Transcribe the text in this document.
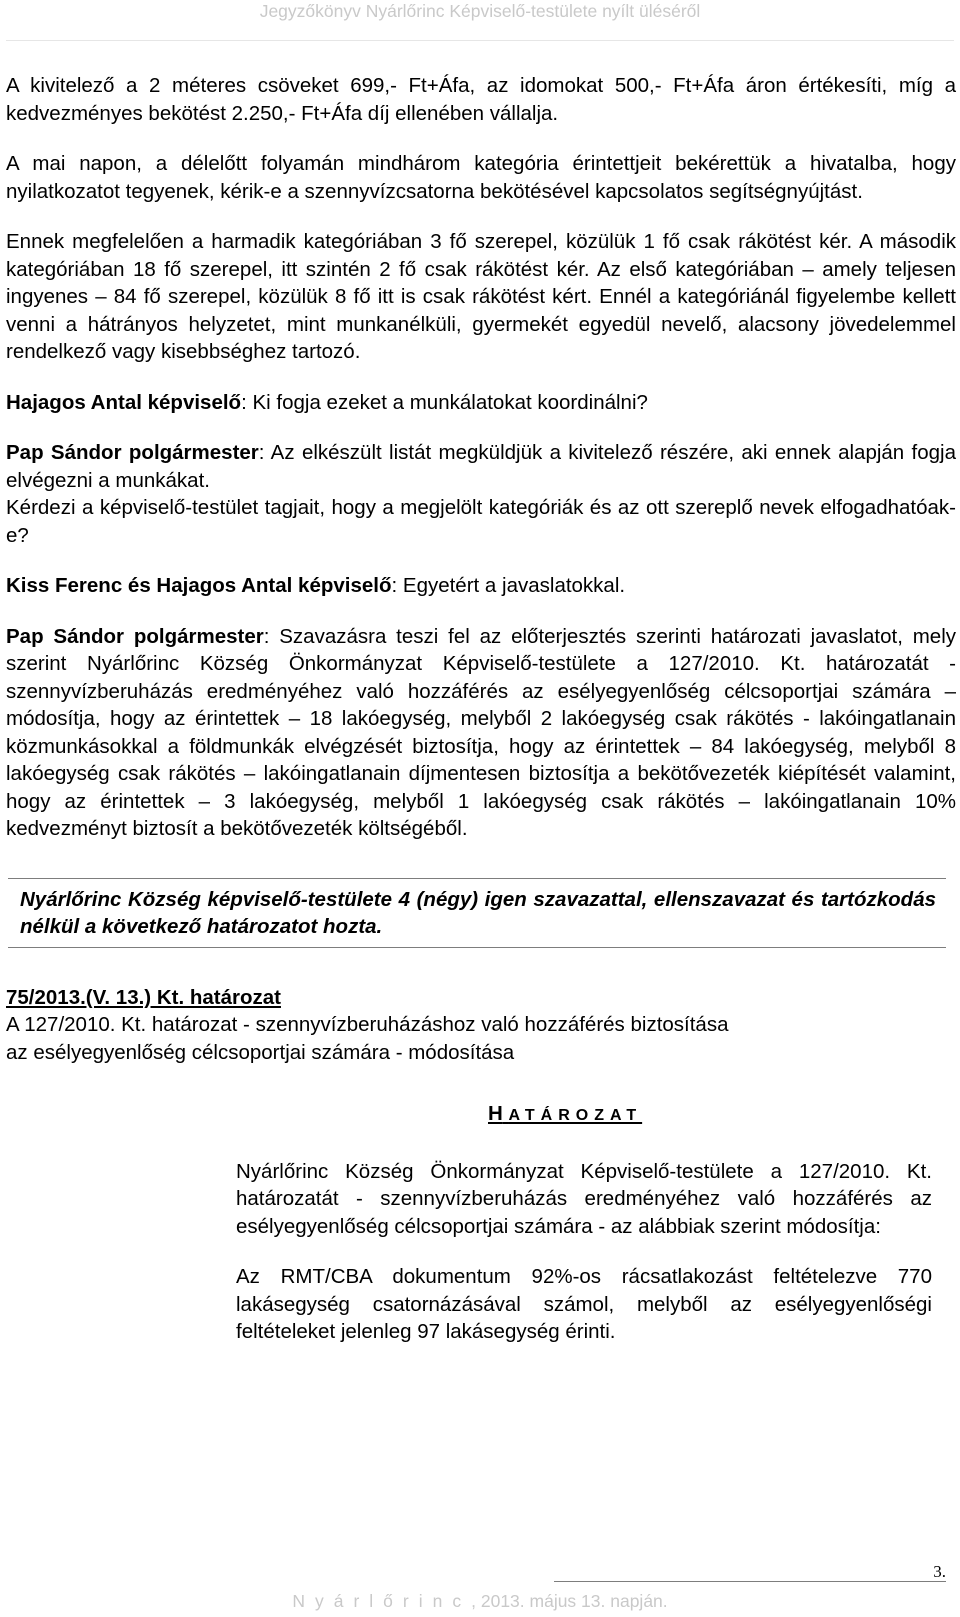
Jegyzőkönyv Nyárlőrinc Képviselő-testülete nyílt üléséről

A kivitelező a 2 méteres csöveket 699,- Ft+Áfa, az idomokat 500,- Ft+Áfa áron értékesíti, míg a kedvezményes bekötést 2.250,- Ft+Áfa díj ellenében vállalja.

A mai napon, a délelőtt folyamán mindhárom kategória érintettjeit bekérettük a hivatalba, hogy nyilatkozatot tegyenek, kérik-e a szennyvízcsatorna bekötésével kapcsolatos segítségnyújtást.

Ennek megfelelően a harmadik kategóriában 3 fő szerepel, közülük 1 fő csak rákötést kér. A második kategóriában 18 fő szerepel, itt szintén 2 fő csak rákötést kér. Az első kategóriában – amely teljesen ingyenes – 84 fő szerepel, közülük 8 fő itt is csak rákötést kért. Ennél a kategóriánál figyelembe kellett venni a hátrányos helyzetet, mint munkanélküli, gyermekét egyedül nevelő, alacsony jövedelemmel rendelkező vagy kisebbséghez tartozó.

Hajagos Antal képviselő: Ki fogja ezeket a munkálatokat koordinálni?

Pap Sándor polgármester: Az elkészült listát megküldjük a kivitelező részére, aki ennek alapján fogja elvégezni a munkákat.

Kérdezi a képviselő-testület tagjait, hogy a megjelölt kategóriák és az ott szereplő nevek elfogadhatóak-e?

Kiss Ferenc és Hajagos Antal képviselő: Egyetért a javaslatokkal.

Pap Sándor polgármester: Szavazásra teszi fel az előterjesztés szerinti határozati javaslatot, mely szerint Nyárlőrinc Község Önkormányzat Képviselő-testülete a 127/2010. Kt. határozatát - szennyvízberuházás eredményéhez való hozzáférés az esélyegyenlőség célcsoportjai számára – módosítja, hogy az érintettek – 18 lakóegység, melyből 2 lakóegység csak rákötés - lakóingatlanain közmunkásokkal a földmunkák elvégzését biztosítja, hogy az érintettek – 84 lakóegység, melyből 8 lakóegység csak rákötés – lakóingatlanain díjmentesen biztosítja a bekötővezeték kiépítését valamint, hogy az érintettek – 3 lakóegység, melyből 1 lakóegység csak rákötés – lakóingatlanain 10% kedvezményt biztosít a bekötővezeték költségéből.

Nyárlőrinc Község képviselő-testülete 4 (négy) igen szavazattal, ellenszavazat és tartózkodás nélkül a következő határozatot hozta.
75/2013.(V. 13.) Kt. határozat
A 127/2010. Kt. határozat - szennyvízberuházáshoz való hozzáférés biztosítása az esélyegyenlőség célcsoportjai számára - módosítása
H ATÁROZAT

Nyárlőrinc Község Önkormányzat Képviselő-testülete a 127/2010. Kt. határozatát - szennyvízberuházás eredményéhez való hozzáférés az esélyegyenlőség célcsoportjai számára - az alábbiak szerint módosítja:

Az RMT/CBA dokumentum 92%-os rácsatlakozást feltételezve 770 lakásegység csatornázásával számol, melyből az esélyegyenlőségi feltételeket jelenleg 97 lakásegység érinti.

3.
Nyárlőrinc, 2013. május 13. napján.
